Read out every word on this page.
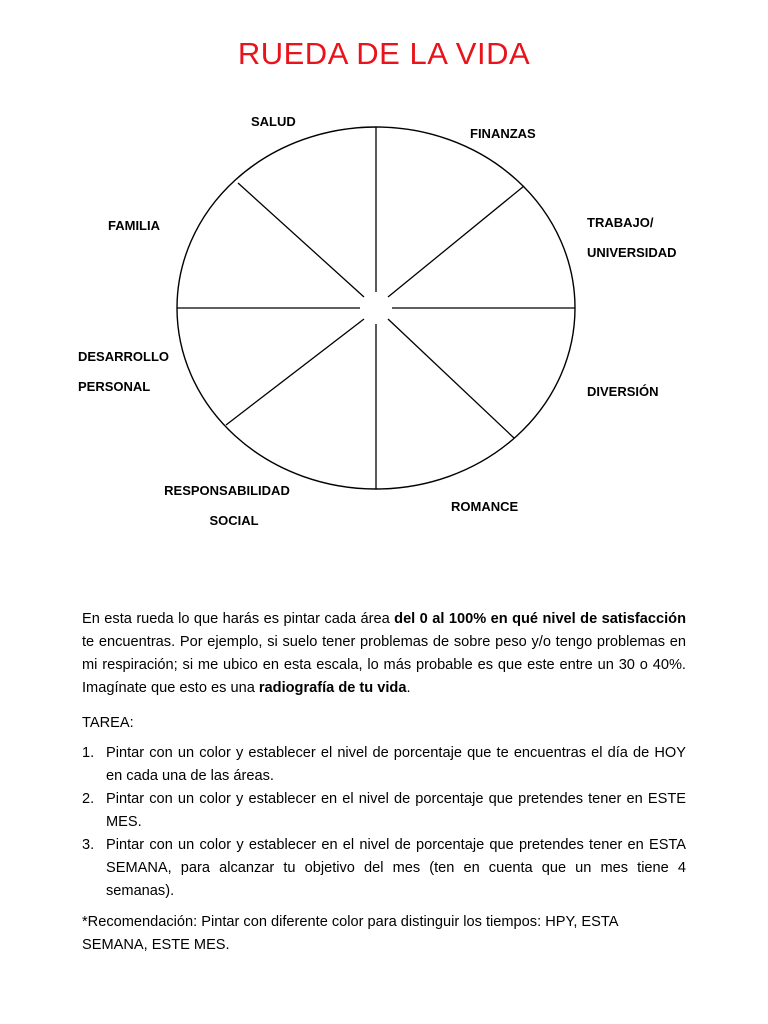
RUEDA DE LA VIDA
SALUD
FINANZAS
TRABAJO/
UNIVERSIDAD
FAMILIA
DESARROLLO
PERSONAL	DIVERSIÓN
RESPONSABILIDAD
SOCIAL
ROMANCE

En esta rueda lo que harás es pintar cada área del 0 al 100% en qué nivel de satisfacción te encuentras. Por ejemplo, si suelo tener problemas de sobre peso y/o tengo problemas en mi respiración; si me ubico en esta escala, lo más probable es que este entre un 30 o 40%. Imagínate que esto es una radiografía de tu vida.

TAREA:

1. Pintar con un color y establecer el nivel de porcentaje que te encuentras el día de HOY en cada una de las áreas.
2. Pintar con un color y establecer en el nivel de porcentaje que pretendes tener en ESTE MES.
3. Pintar con un color y establecer en el nivel de porcentaje que pretendes tener en ESTA SEMANA, para alcanzar tu objetivo del mes (ten en cuenta que un mes tiene 4 semanas).

*Recomendación: Pintar con diferente color para distinguir los tiempos: HPY, ESTA SEMANA, ESTE MES.
